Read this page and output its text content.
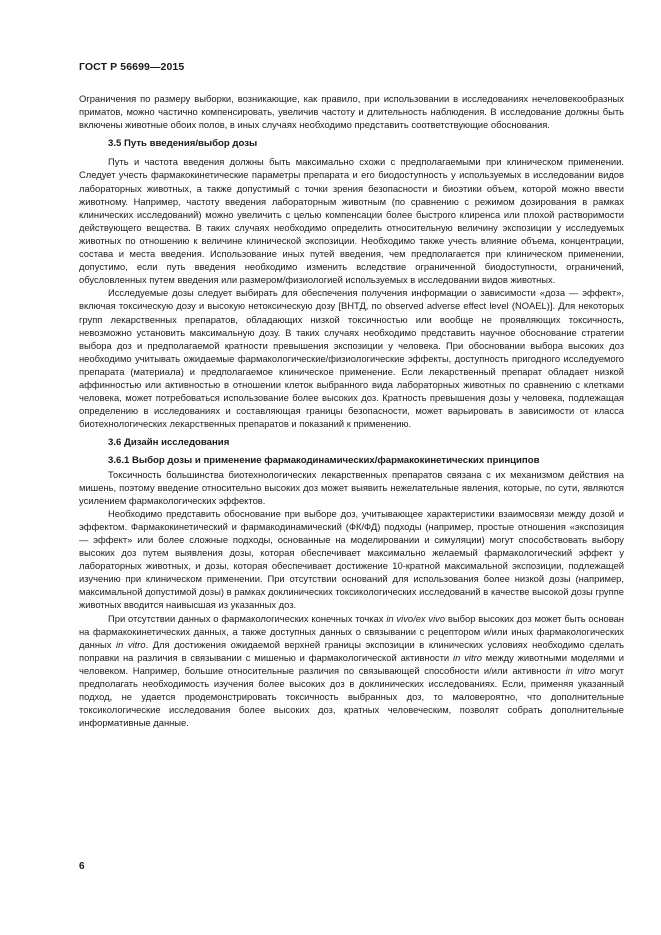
ГОСТ Р 56699—2015

Ограничения по размеру выборки, возникающие, как правило, при использовании в исследованиях нечеловекообразных приматов, можно частично компенсировать, увеличив частоту и длительность наблюдения. В исследование должны быть включены животные обоих полов, в иных случаях необходимо представить соответствующие обоснования.

3.5 Путь введения/выбор дозы

Путь и частота введения должны быть максимально схожи с предполагаемыми при клиническом применении. Следует учесть фармакокинетические параметры препарата и его биодоступность у используемых в исследовании видов лабораторных животных, а также допустимый с точки зрения безопасности и биоэтики объем, которой можно ввести животному. Например, частоту введения лабораторным животным (по сравнению с режимом дозирования в рамках клинических исследований) можно увеличить с целью компенсации более быстрого клиренса или плохой растворимости действующего вещества. В таких случаях необходимо определить относительную величину экспозиции у исследуемых животных по отношению к величине клинической экспозиции. Необходимо также учесть влияние объема, концентрации, состава и места введения. Использование иных путей введения, чем предполагается при клиническом применении, допустимо, если путь введения необходимо изменить вследствие ограниченной биодоступности, ограничений, обусловленных путем введения или размером/физиологией используемых в исследовании видов животных.

Исследуемые дозы следует выбирать для обеспечения получения информации о зависимости «доза — эффект», включая токсическую дозу и высокую нетоксическую дозу [ВНТД, по observed adverse effect level (NOAEL)]. Для некоторых групп лекарственных препаратов, обладающих низкой токсичностью или вообще не проявляющих токсичность, невозможно установить максимальную дозу. В таких случаях необходимо представить научное обоснование стратегии выбора доз и предполагаемой кратности превышения экспозиции у человека. При обосновании выбора высоких доз необходимо учитывать ожидаемые фармакологические/физиологические эффекты, доступность пригодного исследуемого препарата (материала) и предполагаемое клиническое применение. Если лекарственный препарат обладает низкой аффинностью или активностью в отношении клеток выбранного вида лабораторных животных по сравнению с клетками человека, может потребоваться использование более высоких доз. Кратность превышения дозы у человека, подлежащая определению в исследованиях и составляющая границы безопасности, может варьировать в зависимости от класса биотехнологических лекарственных препаратов и показаний к применению.

3.6 Дизайн исследования
3.6.1 Выбор дозы и применение фармакодинамических/фармакокинетических принципов

Токсичность большинства биотехнологических лекарственных препаратов связана с их механизмом действия на мишень, поэтому введение относительно высоких доз может выявить нежелательные явления, которые, по сути, являются усилением фармакологических эффектов.

Необходимо представить обоснование при выборе доз, учитывающее характеристики взаимосвязи между дозой и эффектом. Фармакокинетический и фармакодинамический (ФК/ФД) подходы (например, простые отношения «экспозиция — эффект» или более сложные подходы, основанные на моделировании и симуляции) могут способствовать выбору высоких доз путем выявления дозы, которая обеспечивает максимально желаемый фармакологический эффект у лабораторных животных, и дозы, которая обеспечивает достижение 10-кратной максимальной экспозиции, подлежащей изучению при клиническом применении. При отсутствии оснований для использования более низкой дозы (например, максимальной допустимой дозы) в рамках доклинических токсикологических исследований в качестве высокой дозы группе животных вводится наивысшая из указанных доз.

При отсутствии данных о фармакологических конечных точках in vivo/ex vivo выбор высоких доз может быть основан на фармакокинетических данных, а также доступных данных о связывании с рецептором и/или иных фармакологических данных in vitro. Для достижения ожидаемой верхней границы экспозиции в клинических условиях необходимо сделать поправки на различия в связывании с мишенью и фармакологической активности in vitro между животными моделями и человеком. Например, большие относительные различия по связывающей способности и/или активности in vitro могут предполагать необходимость изучения более высоких доз в доклинических исследованиях. Если, применяя указанный подход, не удается продемонстрировать токсичность выбранных доз, то маловероятно, что дополнительные токсикологические исследования более высоких доз, кратных человеческим, позволят собрать дополнительные информативные данные.

6
